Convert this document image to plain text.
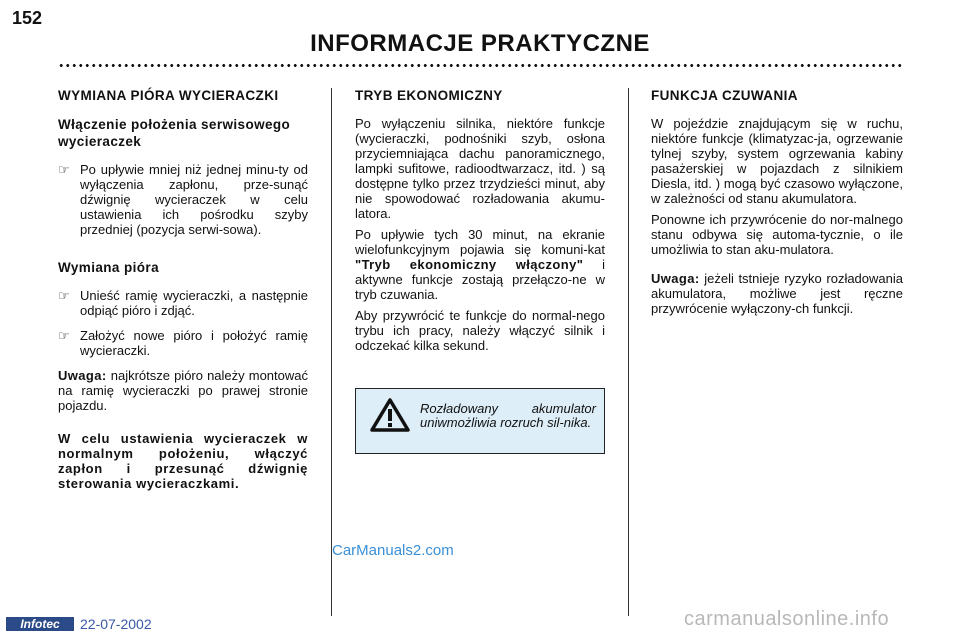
152
INFORMACJE PRAKTYCZNE
WYMIANA PIÓRA WYCIERACZKI
Włączenie położenia serwisowego wycieraczek
☞ Po upływie mniej niż jednej minu-ty od wyłączenia zapłonu, prze-sunąć dźwignię wycieraczek w celu ustawienia ich pośrodku szyby przedniej (pozycja serwi-sowa).
Wymiana pióra
☞ Unieść ramię wycieraczki, a następnie odpiąć pióro i zdjąć.
☞ Założyć nowe pióro i położyć ramię wycieraczki.
Uwaga: najkrótsze pióro należy montować na ramię wycieraczki po prawej stronie pojazdu.
W celu ustawienia wycieraczek w normalnym położeniu, włączyć zapłon i przesunąć dźwignię sterowania wycieraczkami.
TRYB EKONOMICZNY
Po wyłączeniu silnika, niektóre funkcje (wycieraczki, podnośniki szyb, osłona przyciemniająca dachu panoramicznego, lampki sufitowe, radioodtwarzacz, itd. ) są dostępne tylko przez trzydzieści minut, aby nie spowodować rozładowania akumu-latora.
Po upływie tych 30 minut, na ekranie wielofunkcyjnym pojawia się komuni-kat "Tryb ekonomiczny włączony" i aktywne funkcje zostają przełączo-ne w tryb czuwania.
Aby przywrócić te funkcje do normal-nego trybu ich pracy, należy włączyć silnik i odczekać kilka sekund.
Rozładowany akumulator uniwmożliwia rozruch sil-nika.
FUNKCJA CZUWANIA
W pojeździe znajdującym się w ruchu, niektóre funkcje (klimatyzac-ja, ogrzewanie tylnej szyby, system ogrzewania kabiny pasażerskiej w pojazdach z silnikiem Diesla, itd. ) mogą być czasowo wyłączone, w zależności od stanu akumulatora.
Ponowne ich przywrócenie do nor-malnego stanu odbywa się automa-tycznie, o ile umożliwia to stan aku-mulatora.
Uwaga: jeżeli tstnieje ryzyko rozładowania akumulatora, możliwe jest ręczne przywrócenie wyłączony-ch funkcji.
CarManuals2.com
Infotec	22-07-2002	carmanualsonline.info
